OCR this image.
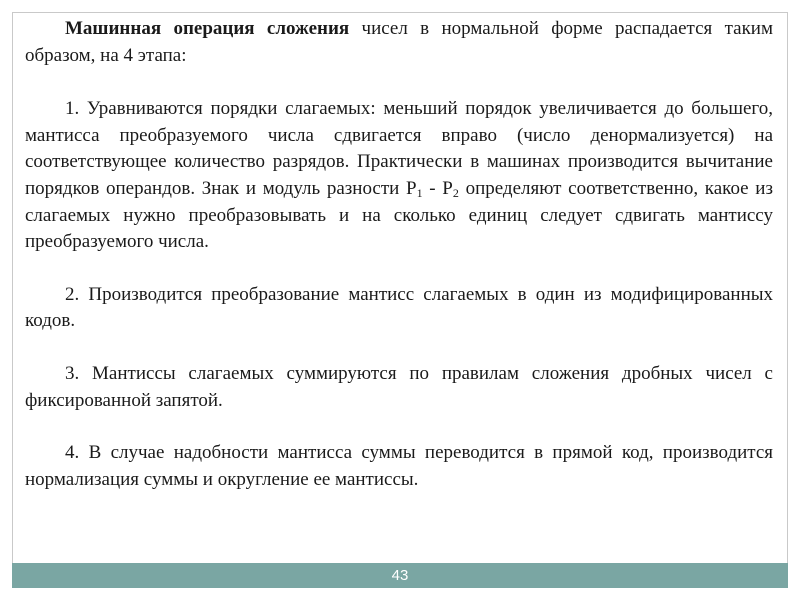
Машинная операция сложения чисел в нормальной форме распадается таким образом, на 4 этапа:

1. Уравниваются порядки слагаемых: меньший порядок увеличивается до большего, мантисса преобразуемого числа сдвигается вправо (число денормализуется) на соответствующее количество разрядов. Практически в машинах производится вычитание порядков операндов. Знак и модуль разности $Р_1 - Р_2$ определяют соответственно, какое из слагаемых нужно преобразовывать и на сколько единиц следует сдвигать мантиссу преобразуемого числа.

2. Производится преобразование мантисс слагаемых в один из модифицированных кодов.

3. Мантиссы слагаемых суммируются по правилам сложения дробных чисел с фиксированной запятой.

4. В случае надобности мантисса суммы переводится в прямой код, производится нормализация суммы и округление ее мантиссы.

43
